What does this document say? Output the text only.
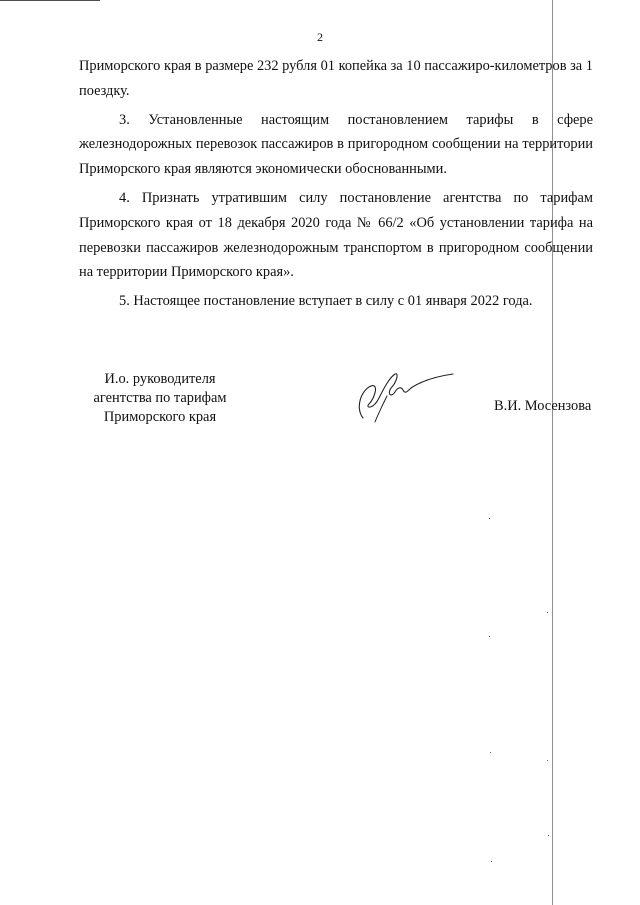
2

Приморского края в размере 232 рубля 01 копейка за 10 пассажиро-километров за 1 поездку.

3. Установленные настоящим постановлением тарифы в сфере железнодорожных перевозок пассажиров в пригородном сообщении на территории Приморского края являются экономически обоснованными.

4. Признать утратившим силу постановление агентства по тарифам Приморского края от 18 декабря 2020 года № 66/2 «Об установлении тарифа на перевозки пассажиров железнодорожным транспортом в пригородном сообщении на территории Приморского края».

5. Настоящее постановление вступает в силу с 01 января 2022 года.

И.о. руководителя
агентства по тарифам
Приморского края
В.И. Мосензова
